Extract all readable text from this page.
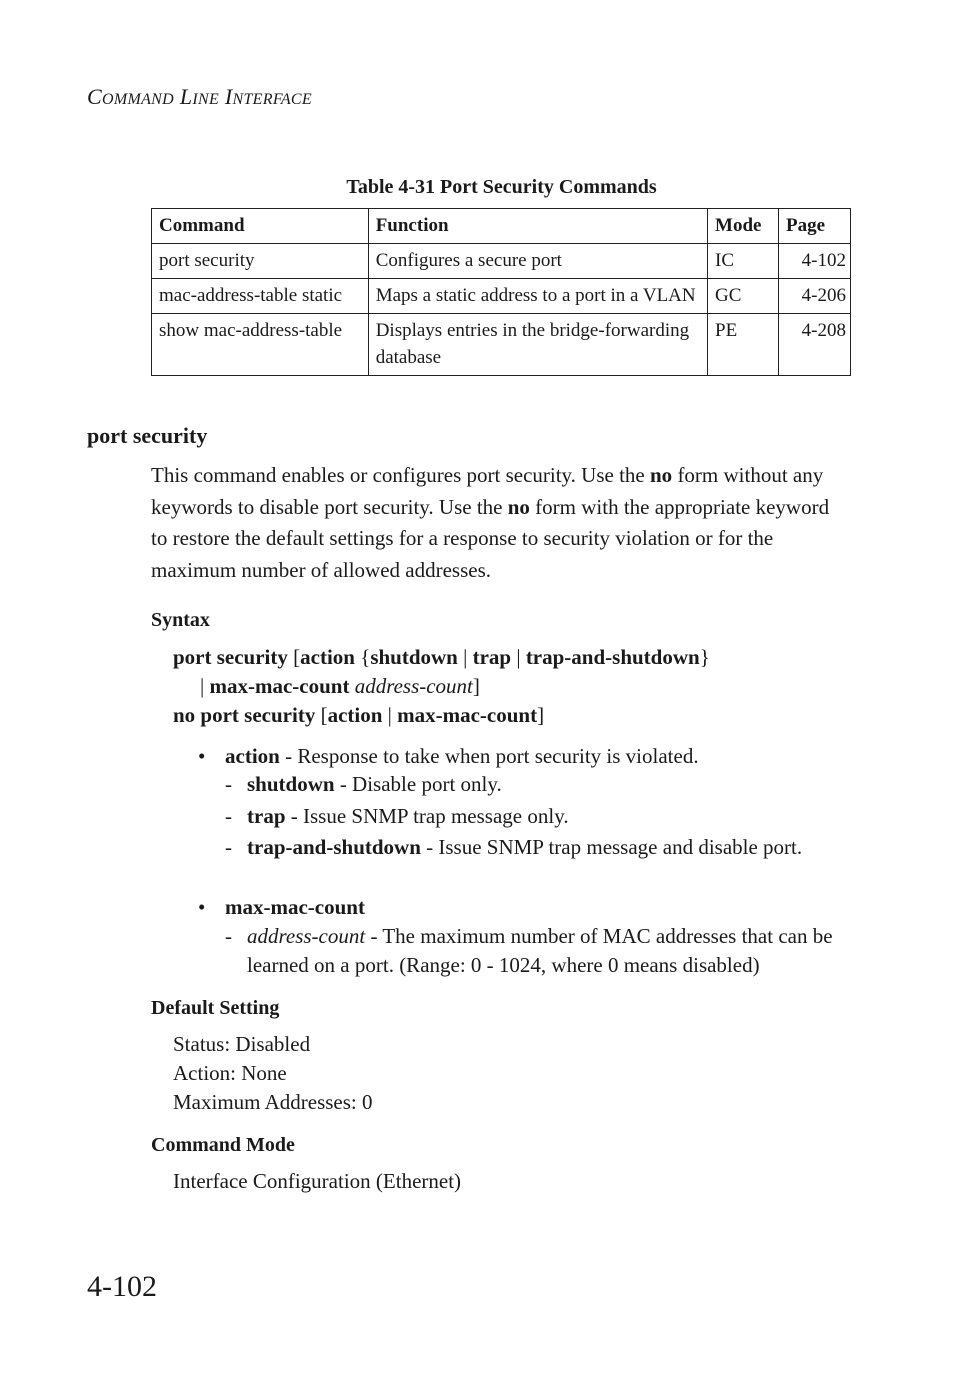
COMMAND LINE INTERFACE
Table 4-31 Port Security Commands
Command	Function	Mode	Page
port security	Configures a secure port	IC	4-102
mac-address-table static	Maps a static address to a port in a VLAN	GC	4-206
show mac-address-table	Displays entries in the bridge-forwarding database	PE	4-208
port security
This command enables or configures port security. Use the no form without any keywords to disable port security. Use the no form with the appropriate keyword to restore the default settings for a response to security violation or for the maximum number of allowed addresses.
Syntax
port security [action {shutdown | trap | trap-and-shutdown}
| max-mac-count address-count]
no port security [action | max-mac-count]
• action - Response to take when port security is violated.
- shutdown - Disable port only.
- trap - Issue SNMP trap message only.
- trap-and-shutdown - Issue SNMP trap message and disable port.
• max-mac-count
- address-count - The maximum number of MAC addresses that can be learned on a port. (Range: 0 - 1024, where 0 means disabled)
Default Setting
Status: Disabled
Action: None
Maximum Addresses: 0
Command Mode
Interface Configuration (Ethernet)
4-102
